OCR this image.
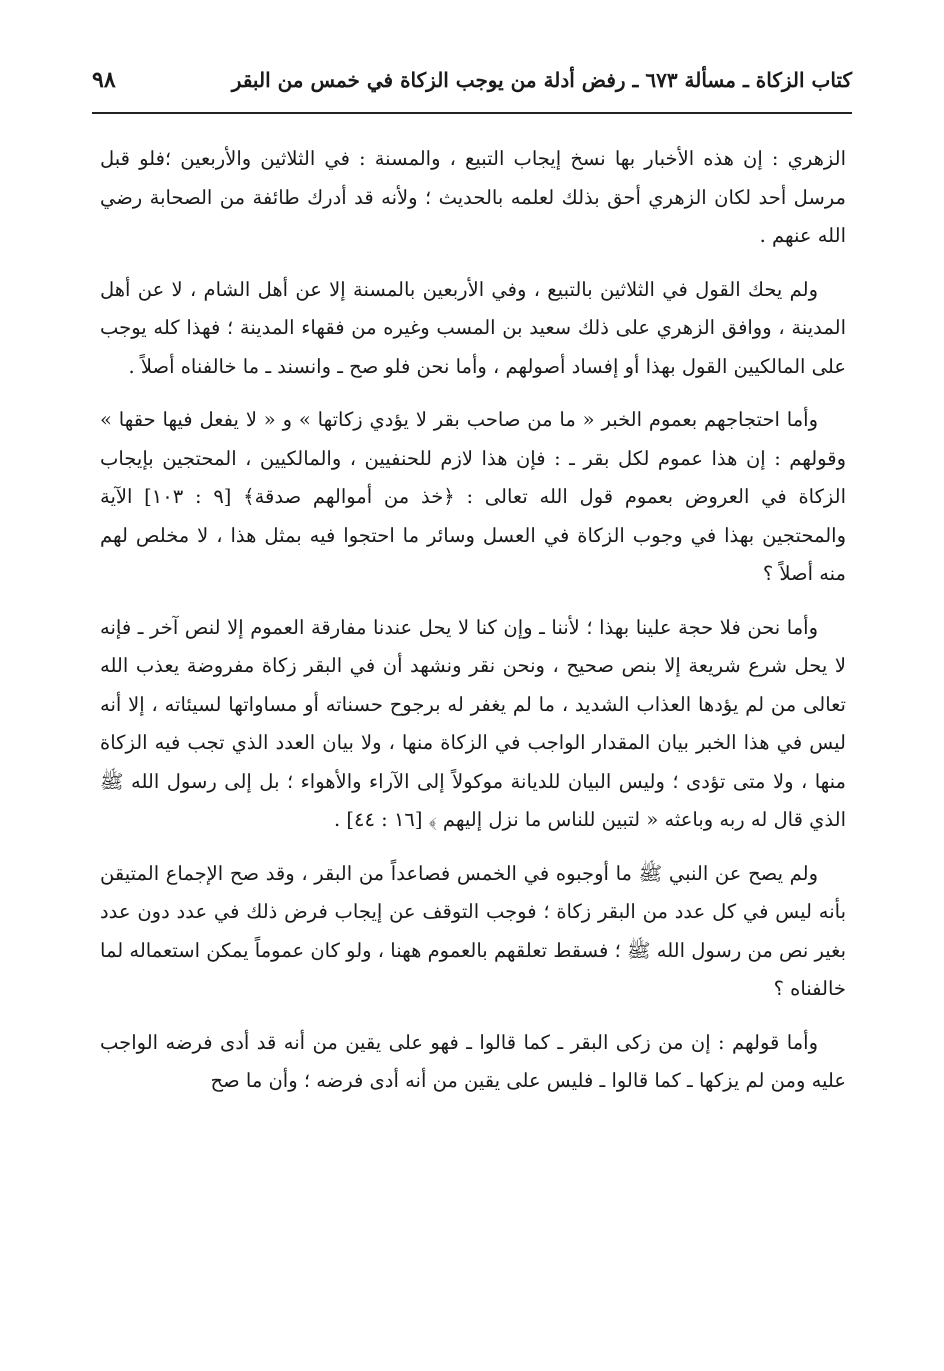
كتاب الزكاة ـ مسألة ٦٧٣ ـ رفض أدلة من يوجب الزكاة في خمس من البقر
٩٨

الزهري : إن هذه الأخبار بها نسخ إيجاب التبيع ، والمسنة : في الثلاثين والأربعين ؛فلو قبل مرسل أحد لكان الزهري أحق بذلك لعلمه بالحديث ؛ ولأنه قد أدرك طائفة من الصحابة رضي الله عنهم .

ولم يحك القول في الثلاثين بالتبيع ، وفي الأربعين بالمسنة إلا عن أهل الشام ، لا عن أهل المدينة ، ووافق الزهري على ذلك سعيد بن المسب وغيره من فقهاء المدينة ؛ فهذا كله يوجب على المالكيين القول بهذا أو إفساد أصولهم ، وأما نحن فلو صح ـ وانسند ـ ما خالفناه أصلاً .

وأما احتجاجهم بعموم الخبر « ما من صاحب بقر لا يؤدي زكاتها » و « لا يفعل فيها حقها » وقولهم : إن هذا عموم لكل بقر ـ : فإن هذا لازم للحنفيين ، والمالكيين ، المحتجين بإيجاب الزكاة في العروض بعموم قول الله تعالى : ﴿خذ من أموالهم صدقة﴾ [٩ : ١٠٣] الآية والمحتجين بهذا في وجوب الزكاة في العسل وسائر ما احتجوا فيه بمثل هذا ، لا مخلص لهم منه أصلاً ؟

وأما نحن فلا حجة علينا بهذا ؛ لأننا ـ وإن كنا لا يحل عندنا مفارقة العموم إلا لنص آخر ـ فإنه لا يحل شرع شريعة إلا بنص صحيح ، ونحن نقر ونشهد أن في البقر زكاة مفروضة يعذب الله تعالى من لم يؤدها العذاب الشديد ، ما لم يغفر له برجوح حسناته أو مساواتها لسيئاته ، إلا أنه ليس في هذا الخبر بيان المقدار الواجب في الزكاة منها ، ولا بيان العدد الذي تجب فيه الزكاة منها ، ولا متى تؤدى ؛ وليس البيان للديانة موكولاً إلى الآراء والأهواء ؛ بل إلى رسول الله ﷺ الذي قال له ربه وباعثه « لتبين للناس ما نزل إليهم ﴾ [١٦ : ٤٤] .

ولم يصح عن النبي ﷺ ما أوجبوه في الخمس فصاعداً من البقر ، وقد صح الإجماع المتيقن بأنه ليس في كل عدد من البقر زكاة ؛ فوجب التوقف عن إيجاب فرض ذلك في عدد دون عدد بغير نص من رسول الله ﷺ ؛ فسقط تعلقهم بالعموم ههنا ، ولو كان عموماً يمكن استعماله لما خالفناه ؟

وأما قولهم : إن من زكى البقر ـ كما قالوا ـ فهو على يقين من أنه قد أدى فرضه الواجب عليه ومن لم يزكها ـ كما قالوا ـ فليس على يقين من أنه أدى فرضه ؛ وأن ما صح
